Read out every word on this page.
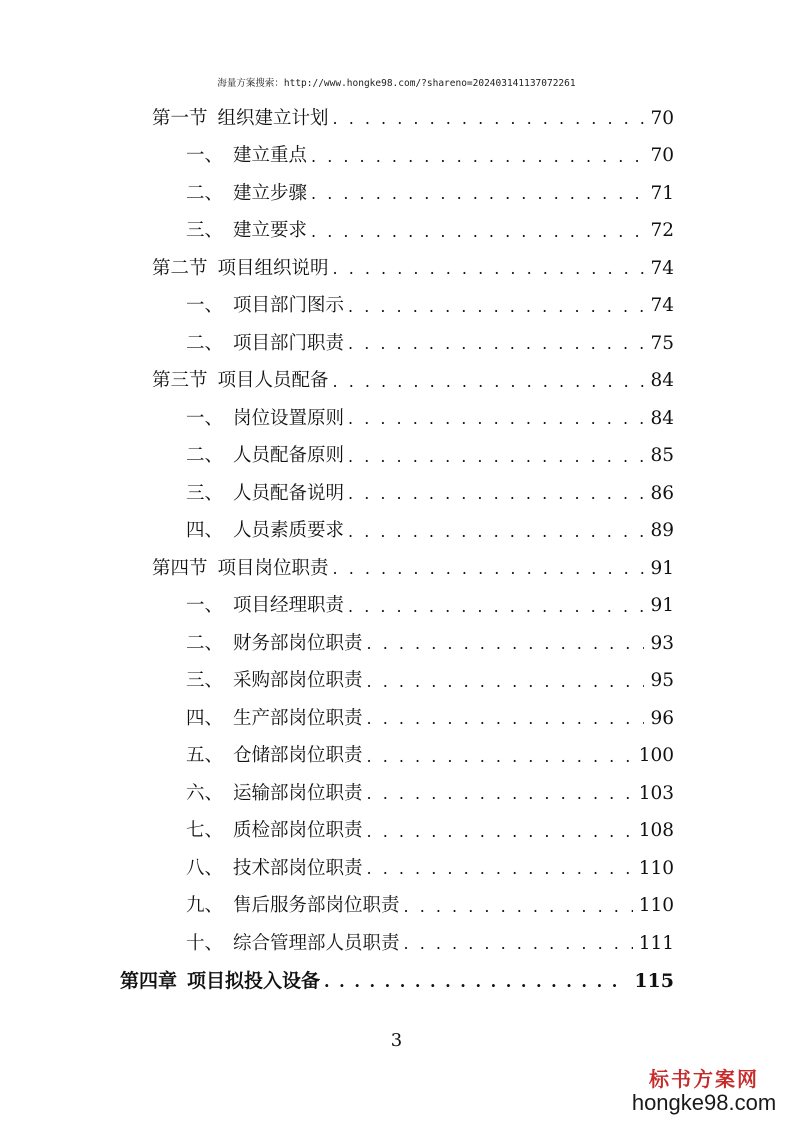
海量方案搜索：http://www.hongke98.com/?shareno=202403141137072261
第一节 组织建立计划 . . .	70
一、 建立重点 . . .	70
二、 建立步骤 . . .	71
三、 建立要求 . . .	72
第二节 项目组织说明 . . .	74
一、 项目部门图示 . . .	74
二、 项目部门职责 . . .	75
第三节 项目人员配备 . . .	84
一、 岗位设置原则 . . .	84
二、 人员配备原则 . . .	85
三、 人员配备说明 . . .	86
四、 人员素质要求 . . .	89
第四节 项目岗位职责 . . .	91
一、 项目经理职责 . . .	91
二、 财务部岗位职责 . . .	93
三、 采购部岗位职责 . . .	95
四、 生产部岗位职责 . . .	96
五、 仓储部岗位职责 . . .	100
六、 运输部岗位职责 . . .	103
七、 质检部岗位职责 . . .	108
八、 技术部岗位职责 . . .	110
九、 售后服务部岗位职责 . . .	110
十、 综合管理部人员职责 . . .	111
第四章 项目拟投入设备 . . .	115
3
标书方案网
hongke98.com
